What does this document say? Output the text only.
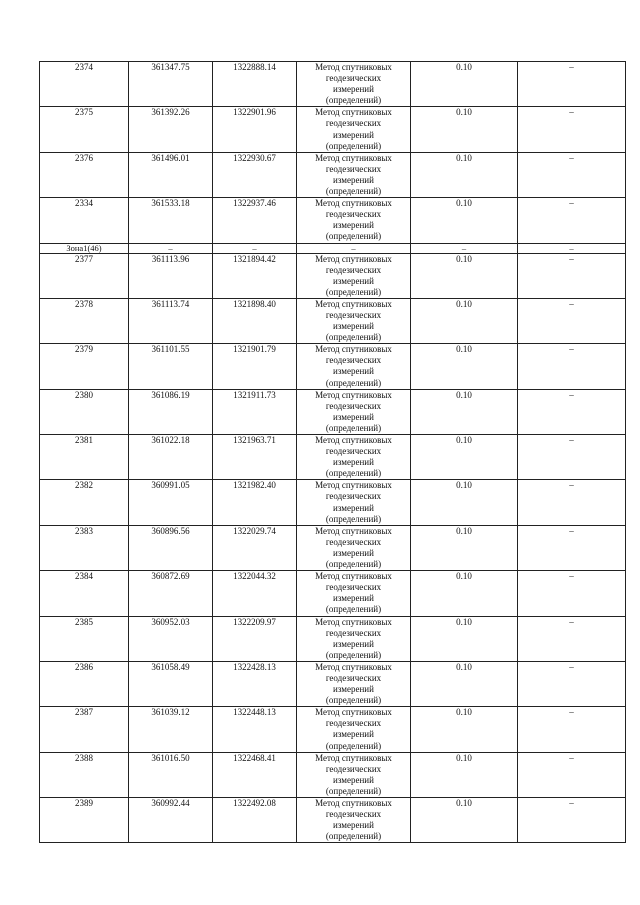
2374	361347.75	1322888.14	Метод спутниковых геодезических измерений (определений)	0.10	–
2375	361392.26	1322901.96	Метод спутниковых геодезических измерений (определений)	0.10	–
2376	361496.01	1322930.67	Метод спутниковых геодезических измерений (определений)	0.10	–
2334	361533.18	1322937.46	Метод спутниковых геодезических измерений (определений)	0.10	–
Зона1(46)	–	–	–	–	–
2377	361113.96	1321894.42	Метод спутниковых геодезических измерений (определений)	0.10	–
2378	361113.74	1321898.40	Метод спутниковых геодезических измерений (определений)	0.10	–
2379	361101.55	1321901.79	Метод спутниковых геодезических измерений (определений)	0.10	–
2380	361086.19	1321911.73	Метод спутниковых геодезических измерений (определений)	0.10	–
2381	361022.18	1321963.71	Метод спутниковых геодезических измерений (определений)	0.10	–
2382	360991.05	1321982.40	Метод спутниковых геодезических измерений (определений)	0.10	–
2383	360896.56	1322029.74	Метод спутниковых геодезических измерений (определений)	0.10	–
2384	360872.69	1322044.32	Метод спутниковых геодезических измерений (определений)	0.10	–
2385	360952.03	1322209.97	Метод спутниковых геодезических измерений (определений)	0.10	–
2386	361058.49	1322428.13	Метод спутниковых геодезических измерений (определений)	0.10	–
2387	361039.12	1322448.13	Метод спутниковых геодезических измерений (определений)	0.10	–
2388	361016.50	1322468.41	Метод спутниковых геодезических измерений (определений)	0.10	–
2389	360992.44	1322492.08	Метод спутниковых геодезических измерений (определений)	0.10	–
